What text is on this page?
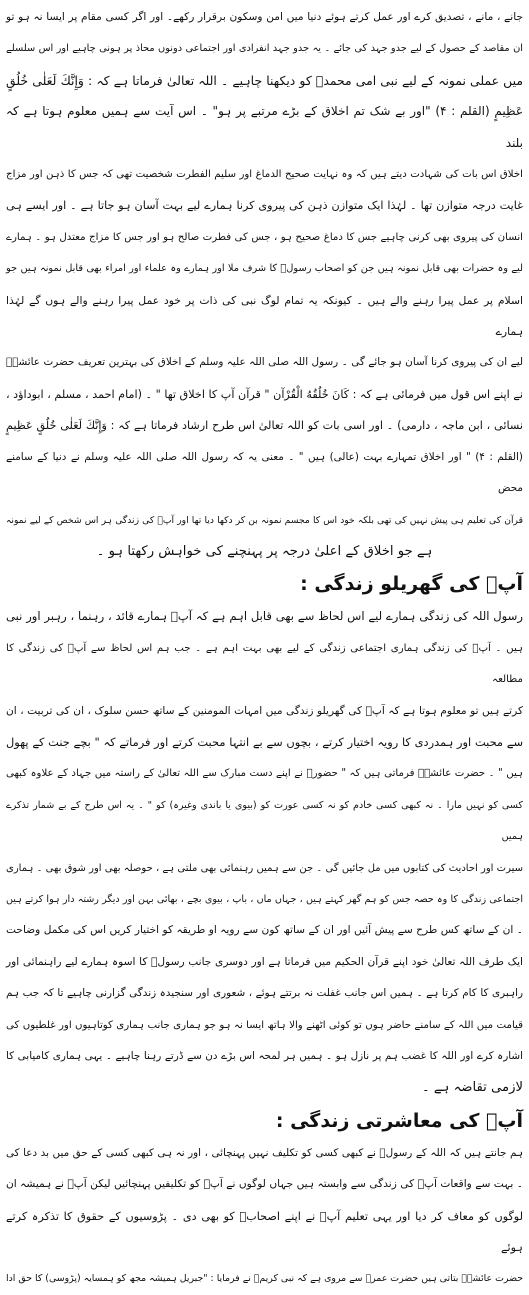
جانے ، مانے ، تصدیق کرے اور عمل کرتے ہوئے دنیا میں امن وسکون برقرار رکھے۔ اور اگر کسی مقام پر ایسا نہ ہو تو

ان مقاصد کے حصول کے لیے جدو جہد کی جائے ۔ یہ جدو جہد انفرادی اور اجتماعی دونوں محاذ پر ہونی چاہیے اور اس سلسلے

میں عملی نمونہ کے لیے نبی امی محمدؐ کو دیکھنا چاہیے ۔ اللہ تعالیٰ فرماتا ہے کہ : وَإِنَّكَ لَعَلٰى خُلُقٍ

عَظِيمٍ (القلم : ۴) "اور بے شک تم اخلاق کے بڑے مرتبے پر ہو" ۔ اس آیت سے ہمیں معلوم ہوتا ہے کہ بلند

اخلاق اس بات کی شہادت دیتے ہیں کہ وہ نہایت صحیح الدماغ اور سلیم الفطرت شخصیت تھی کہ جس کا ذہن اور مزاج

غایت درجہ متوازن تھا ۔ لہٰذا ایک متوازن ذہن کی پیروی کرنا ہمارے لیے بہت آسان ہو جاتا ہے ۔ اور ایسے ہی

انسان کی پیروی بھی کرنی چاہیے جس کا دماغ صحیح ہو ، جس کی فطرت صالح ہو اور جس کا مزاج معتدل ہو ۔ ہمارے

لیے وہ حضرات بھی قابل نمونہ ہیں جن کو اصحاب رسولؐ کا شرف ملا اور ہمارے وہ علماء اور امراء بھی قابل نمونہ ہیں جو

اسلام پر عمل پیرا رہنے والے ہیں ۔ کیونکہ یہ تمام لوگ نبی کی ذات پر خود عمل پیرا رہنے والے ہوں گے لہٰذا ہمارے

لیے ان کی پیروی کرنا آسان ہو جائے گی ۔ رسول اللہ صلی اللہ علیہ وسلم کے اخلاق کی بہترین تعریف حضرت عائشہؓ

نے اپنے اس قول میں فرمائی ہے کہ : كَانَ خُلُقُهُ الْقُرْآن " قرآن آپ کا اخلاق تھا " ۔ (امام احمد ، مسلم ، ابوداؤد ،

نسائی ، ابن ماجہ ، دارمی) ۔ اور اسی بات کو اللہ تعالیٰ اس طرح ارشاد فرماتا ہے کہ : وَإِنَّكَ لَعَلٰى خُلُقٍ عَظِيمٍ

(القلم : ۴) " اور اخلاق تمہارے بہت (عالی) ہیں " ۔ معنی یہ کہ رسول اللہ صلی اللہ علیہ وسلم نے دنیا کے سامنے محض

قرآن کی تعلیم ہی پیش نہیں کی تھی بلکہ خود اس کا مجسم نمونہ بن کر دکھا دیا تھا اور آپؐ کی زندگی ہر اس شخص کے لیے نمونہ

ہے جو اخلاق کے اعلیٰ درجہ پر پہنچنے کی خواہش رکھتا ہو ۔

آپؐ کی گھریلو زندگی :

رسول اللہ کی زندگی ہمارے لیے اس لحاظ سے بھی قابل اہم ہے کہ آپؐ ہمارے قائد ، رہنما ، رہبر اور نبی

ہیں ۔ آپؐ کی زندگی ہماری اجتماعی زندگی کے لیے بھی بہت اہم ہے ۔ جب ہم اس لحاظ سے آپؐ کی زندگی کا مطالعہ

کرتے ہیں تو معلوم ہوتا ہے کہ آپؐ کی گھریلو زندگی میں امہات المومنین کے ساتھ حسن سلوک ، ان کی تربیت ، ان

سے محبت اور ہمدردی کا رویہ اختیار کرتے ، بچوں سے بے انتہا محبت کرتے اور فرماتے کہ " بچے جنت کے پھول

ہیں " ۔ حضرت عائشہؓ فرماتی ہیں کہ " حضورؐ نے اپنے دست مبارک سے اللہ تعالیٰ کے راستہ میں جہاد کے علاوہ کبھی

کسی کو نہیں مارا ۔ نہ کبھی کسی خادم کو نہ کسی عورت کو (بیوی یا باندی وغیرہ) کو " ۔ یہ اس طرح کے بے شمار تذکرے ہمیں

سیرت اور احادیث کی کتابوں میں مل جائیں گی ۔ جن سے ہمیں رہنمائی بھی ملتی ہے ، حوصلہ بھی اور شوق بھی ۔ ہماری

اجتماعی زندگی کا وہ حصہ جس کو ہم گھر کہتے ہیں ، جہاں ماں ، باپ ، بیوی بچے ، بھائی بہن اور دیگر رشتہ دار ہوا کرتے ہیں

۔ ان کے ساتھ کس طرح سے پیش آئیں اور ان کے ساتھ کون سے رویہ او طریقہ کو اختیار کریں اس کی مکمل وضاحت

ایک طرف اللہ تعالیٰ خود اپنے قرآن الحکیم میں فرماتا ہے اور دوسری جانب رسولؐ کا اسوہ ہمارے لیے راہنمائی اور

راہبری کا کام کرتا ہے ۔ ہمیں اس جانب غفلت نہ برتتے ہوئے ، شعوری اور سنجیدہ زندگی گزارنی چاہیے تا کہ جب ہم

قیامت میں اللہ کے سامنے حاضر ہوں تو کوئی اٹھنے والا ہاتھ ایسا نہ ہو جو ہماری جانب ہماری کوتاہیوں اور غلطیوں کی

اشارہ کرے اور اللہ کا غضب ہم پر نازل ہو ۔ ہمیں ہر لمحہ اس بڑے دن سے ڈرتے رہنا چاہیے ۔ یہی ہماری کامیابی کا

لازمی تقاضہ ہے ۔

آپؐ کی معاشرتی زندگی :

ہم جانتے ہیں کہ اللہ کے رسولؐ نے کبھی کسی کو تکلیف نہیں پہنچائی ، اور نہ ہی کبھی کسی کے حق میں بد دعا کی

۔ بہت سے واقعات آپؐ کی زندگی سے وابستہ ہیں جہاں لوگوں نے آپؐ کو تکلیفیں پہنچائیں لیکن آپؐ نے ہمیشہ ان

لوگوں کو معاف کر دیا اور یہی تعلیم آپؐ نے اپنے اصحابؓ کو بھی دی ۔ پڑوسیوں کے حقوق کا تذکرہ کرتے ہوئے

حضرت عائشہؓ بتاتی ہیں حضرت عمرؓ سے مروی ہے کہ نبی کریمؐ نے فرمایا : "جبریل ہمیشہ مجھ کو ہمسایہ (پڑوسی) کا حق ادا
